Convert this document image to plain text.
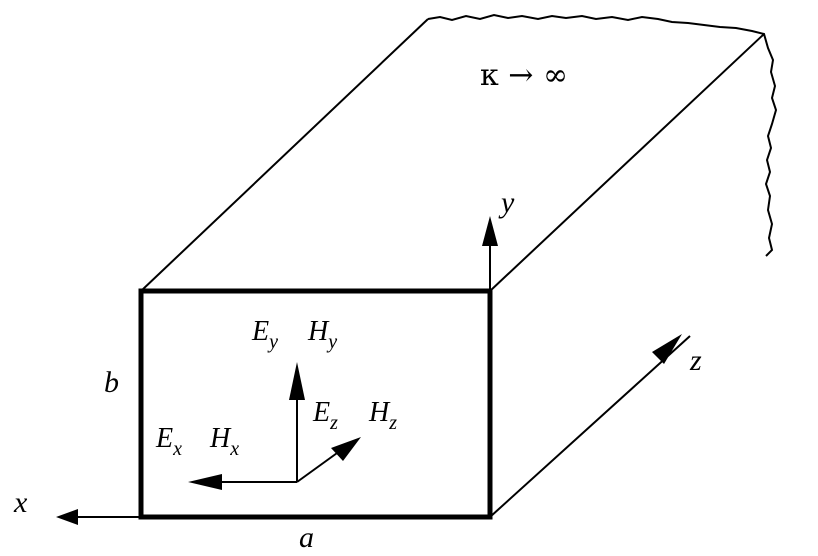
κ → ∞
y
z
x
a
b
$E_y$ $H_y$
$E_z$ $H_z$
$E_x$ $H_x$
